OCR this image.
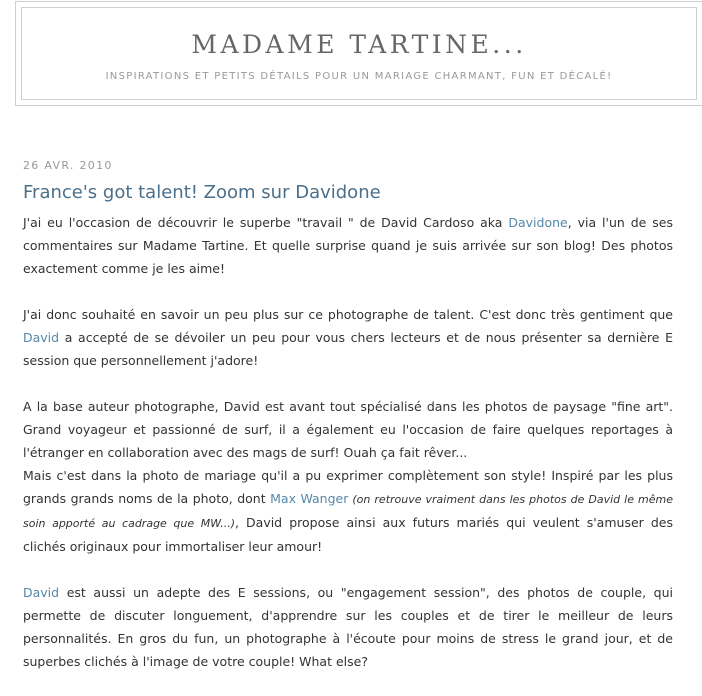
MADAME TARTINE...
INSPIRATIONS ET PETITS DÉTAILS POUR UN MARIAGE CHARMANT, FUN ET DÉCALÉ!
26 AVR. 2010
France's got talent! Zoom sur Davidone

J'ai eu l'occasion de découvrir le superbe "travail " de David Cardoso aka Davidone, via l'un de ses commentaires sur Madame Tartine. Et quelle surprise quand je suis arrivée sur son blog! Des photos exactement comme je les aime!

J'ai donc souhaité en savoir un peu plus sur ce photographe de talent. C'est donc très gentiment que David a accepté de se dévoiler un peu pour vous chers lecteurs et de nous présenter sa dernière E session que personnellement j'adore!

A la base auteur photographe, David est avant tout spécialisé dans les photos de paysage "fine art". Grand voyageur et passionné de surf, il a également eu l'occasion de faire quelques reportages à l'étranger en collaboration avec des mags de surf! Ouah ça fait rêver...

Mais c'est dans la photo de mariage qu'il a pu exprimer complètement son style! Inspiré par les plus grands grands noms de la photo, dont Max Wanger (on retrouve vraiment dans les photos de David le même soin apporté au cadrage que MW...), David propose ainsi aux futurs mariés qui veulent s'amuser des clichés originaux pour immortaliser leur amour!

David est aussi un adepte des E sessions, ou "engagement session", des photos de couple, qui permette de discuter longuement, d'apprendre sur les couples et de tirer le meilleur de leurs personnalités. En gros du fun, un photographe à l'écoute pour moins de stress le grand jour, et de superbes clichés à l'image de votre couple! What else?
